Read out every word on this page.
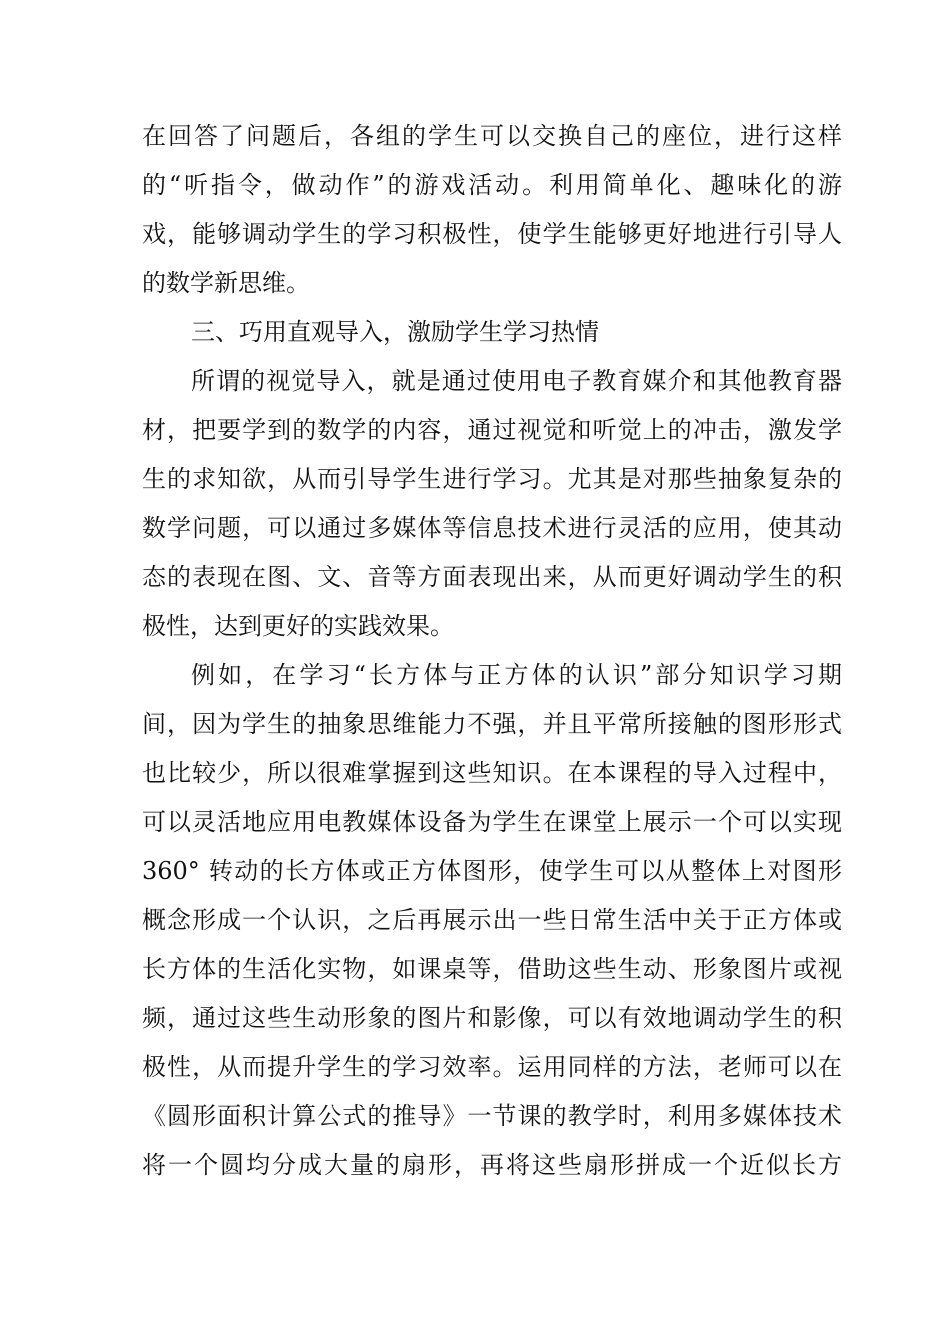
在回答了问题后，各组的学生可以交换自己的座位，进行这样
的“听指令，做动作”的游戏活动。利用简单化、趣味化的游
戏，能够调动学生的学习积极性，使学生能够更好地进行引导人
的数学新思维。
三、巧用直观导入，激励学生学习热情
所谓的视觉导入，就是通过使用电子教育媒介和其他教育器
材，把要学到的数学的内容，通过视觉和听觉上的冲击，激发学
生的求知欲，从而引导学生进行学习。尤其是对那些抽象复杂的
数学问题，可以通过多媒体等信息技术进行灵活的应用，使其动
态的表现在图、文、音等方面表现出来，从而更好调动学生的积
极性，达到更好的实践效果。
例如，在学习“长方体与正方体的认识”部分知识学习期
间，因为学生的抽象思维能力不强，并且平常所接触的图形形式
也比较少，所以很难掌握到这些知识。在本课程的导入过程中，
可以灵活地应用电教媒体设备为学生在课堂上展示一个可以实现
360° 转动的长方体或正方体图形，使学生可以从整体上对图形
概念形成一个认识，之后再展示出一些日常生活中关于正方体或
长方体的生活化实物，如课桌等，借助这些生动、形象图片或视
频，通过这些生动形象的图片和影像，可以有效地调动学生的积
极性，从而提升学生的学习效率。运用同样的方法，老师可以在
《圆形面积计算公式的推导》一节课的教学时，利用多媒体技术
将一个圆均分成大量的扇形，再将这些扇形拼成一个近似长方
